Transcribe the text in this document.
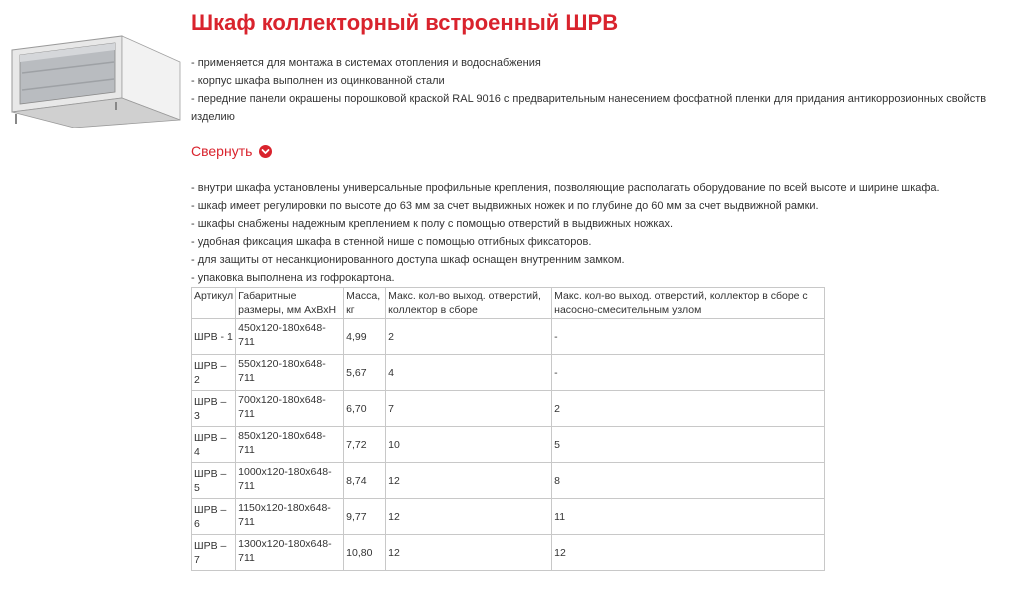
Шкаф коллекторный встроенный ШРВ
- применяется для монтажа в системах отопления и водоснабжения
- корпус шкафа выполнен из оцинкованной стали
- передние панели окрашены порошковой краской RAL 9016 с предварительным нанесением фосфатной пленки для придания антикоррозионных свойств изделию
Свернуть
- внутри шкафа установлены универсальные профильные крепления, позволяющие располагать оборудование по всей высоте и ширине шкафа.
- шкаф имеет регулировки по высоте до 63 мм за счет выдвижных ножек и по глубине до 60 мм за счет выдвижной рамки.
- шкафы снабжены надежным креплением к полу с помощью отверстий в выдвижных ножках.
- удобная фиксация шкафа в стенной нише с помощью отгибных фиксаторов.
- для защиты от несанкционированного доступа шкаф оснащен внутренним замком.
- упаковка выполнена из гофрокартона.
Артикул	Габаритные размеры, мм АхВхН	Масса, кг	Макс. кол-во выход. отверстий, коллектор в сборе	Макс. кол-во выход. отверстий, коллектор в сборе с насосно-смесительным узлом
ШРВ - 1	450х120-180х648-711	4,99	2	-
ШРВ – 2	550х120-180х648-711	5,67	4	-
ШРВ – 3	700х120-180х648-711	6,70	7	2
ШРВ – 4	850х120-180х648-711	7,72	10	5
ШРВ – 5	1000х120-180х648-711	8,74	12	8
ШРВ – 6	1150х120-180х648-711	9,77	12	11
ШРВ – 7	1300х120-180х648-711	10,80	12	12
